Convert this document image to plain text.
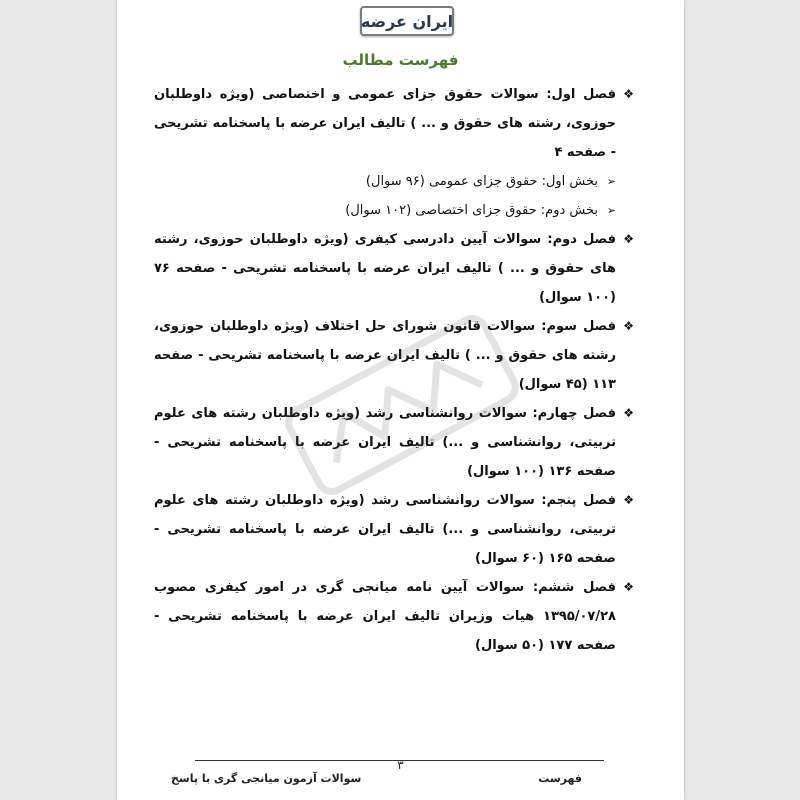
ایران عرضه
فهرست مطالب
❖
فصل اول: سوالات حقوق جزای عمومی و اختصاصی (ویژه داوطلبان حوزوی، رشته های حقوق و ... ) تالیف ایران عرضه با پاسخنامه تشریحی - صفحه ۴
➢
بخش اول: حقوق جزای عمومی (۹۶ سوال)
➢
بخش دوم: حقوق جزای اختصاصی (۱۰۲ سوال)
❖
فصل دوم: سوالات آیین دادرسی کیفری (ویژه داوطلبان حوزوی، رشته های حقوق و ... ) تالیف ایران عرضه با پاسخنامه تشریحی - صفحه ۷۶ (۱۰۰ سوال)
❖
فصل سوم: سوالات قانون شورای حل اختلاف (ویژه داوطلبان حوزوی، رشته های حقوق و ... ) تالیف ایران عرضه با پاسخنامه تشریحی - صفحه ۱۱۳ (۴۵ سوال)
❖
فصل چهارم: سوالات روانشناسی رشد (ویژه داوطلبان رشته های علوم تربیتی، روانشناسی و ...) تالیف ایران عرضه با پاسخنامه تشریحی - صفحه ۱۳۶ (۱۰۰ سوال)
❖
فصل پنجم: سوالات روانشناسی رشد (ویژه داوطلبان رشته های علوم تربیتی، روانشناسی و ...) تالیف ایران عرضه با پاسخنامه تشریحی - صفحه ۱۶۵ (۶۰ سوال)
❖
فصل ششم: سوالات آیین نامه میانجی گری در امور کیفری مصوب ۱۳۹۵/۰۷/۲۸ هیات وزیران تالیف ایران عرضه با پاسخنامه تشریحی - صفحه ۱۷۷ (۵۰ سوال)
۳
فهرست
سوالات آزمون میانجی گری با پاسخ
